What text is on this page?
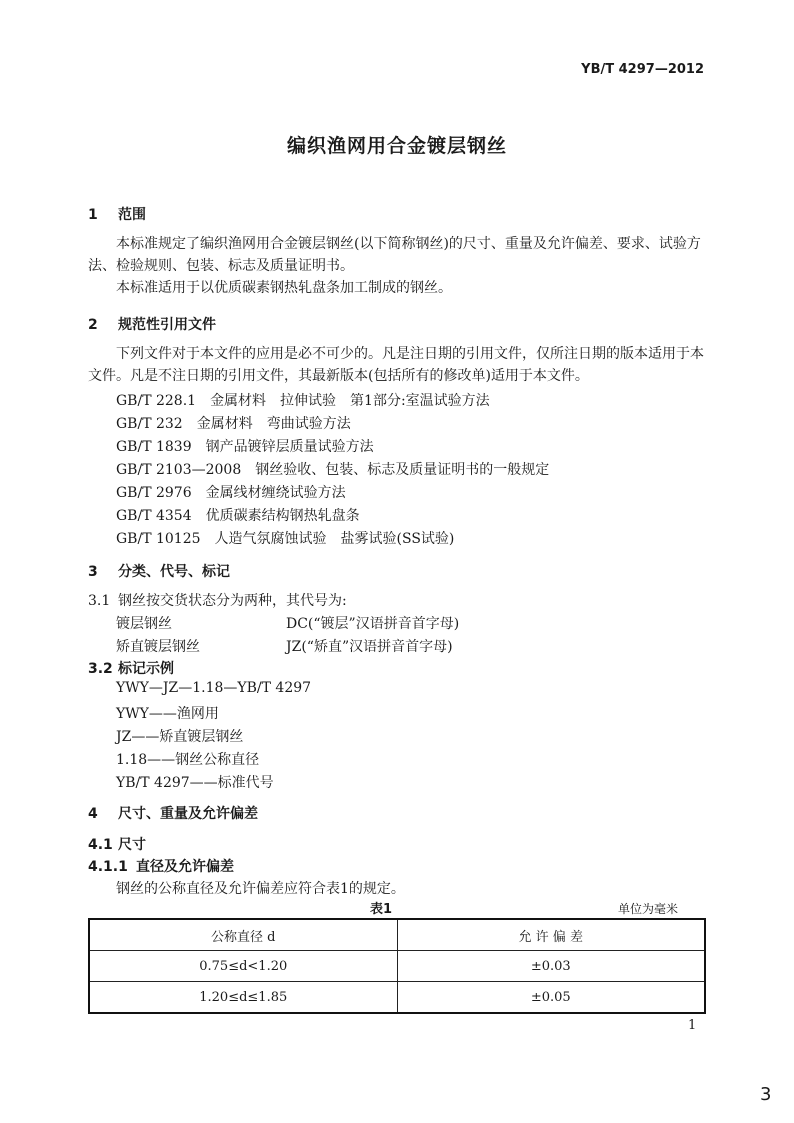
YB/T 4297—2012
编织渔网用合金镀层钢丝
1 范围
本标准规定了编织渔网用合金镀层钢丝(以下简称钢丝)的尺寸、重量及允许偏差、要求、试验方法、检验规则、包装、标志及质量证明书。
本标准适用于以优质碳素钢热轧盘条加工制成的钢丝。
2 规范性引用文件
下列文件对于本文件的应用是必不可少的。凡是注日期的引用文件，仅所注日期的版本适用于本文件。凡是不注日期的引用文件，其最新版本(包括所有的修改单)适用于本文件。
GB/T 228.1 金属材料　拉伸试验　第1部分:室温试验方法
GB/T 232 金属材料　弯曲试验方法
GB/T 1839 钢产品镀锌层质量试验方法
GB/T 2103—2008 钢丝验收、包装、标志及质量证明书的一般规定
GB/T 2976 金属线材缠绕试验方法
GB/T 4354 优质碳素结构钢热轧盘条
GB/T 10125 人造气氛腐蚀试验　盐雾试验(SS试验)
3 分类、代号、标记
3.1 钢丝按交货状态分为两种，其代号为:
镀层钢丝	DC(“镀层”汉语拼音首字母)
矫直镀层钢丝	JZ(“矫直”汉语拼音首字母)
3.2 标记示例
YWY—JZ—1.18—YB/T 4297
YWY——渔网用
JZ——矫直镀层钢丝
1.18——钢丝公称直径
YB/T 4297——标准代号
4 尺寸、重量及允许偏差
4.1 尺寸
4.1.1 直径及允许偏差
钢丝的公称直径及允许偏差应符合表1的规定。
表1	单位为毫米
公称直径 d	允 许 偏 差
0.75≤d<1.20	±0.03
1.20≤d≤1.85	±0.05
1
3
